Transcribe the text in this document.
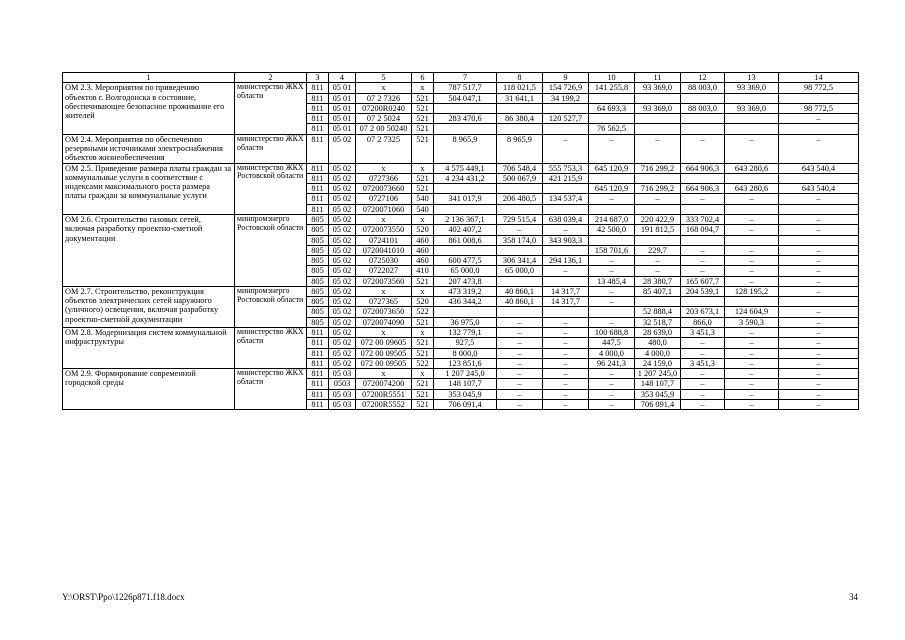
1	2	3	4	5	6	7	8	9	10	11	12	13	14
ОМ 2.3. Мероприятия по приведению объектов г. Волгодонска в состояние, обеспечивающее безопасное проживание его жителей	министерство ЖКХ области	811	05 01	x	x	787 517,7	118 021,5	154 726,9	141 255,8	93 369,0	88 003,0	93 369,0	98 772,5
		811	05 01	07 2 7326	521	504 047,1	31 641,1	34 199,2					
		811	05 01	07200R0240	521				64 693,3	93 369,0	88 003,0	93 369,0	98 772,5
		811	05 01	07 2 5024	521	283 470,6	86 380,4	120 527,7					–
		811	05 01	07 2 00 50240	521				76 562,5				
ОМ 2.4. Мероприятия по обеспечению резервными источниками электроснабжения объектов жизнеобеспечения	министерство ЖКХ области	811	05 02	07 2 7325	521	8 965,9	8 965,9	–	–	–	–	–	–
ОМ 2.5. Приведение размера платы граждан за коммунальные услуги в соответствие с индексами максимального роста размера платы граждан за коммунальные услуги	министерство ЖКХ Ростовской области	811	05 02	x	x	4 575 449,1	706 548,4	555 753,3	645 120,9	716 299,2	664 906,3	643 280,6	643 540,4
		811	05 02	0727366	521	4 234 431,2	500 067,9	421 215,9					
		811	05 02	0720073660	521				645 120,9	716 299,2	664 906,3	643 280,6	643 540,4
		811	05 02	0727106	540	341 017,9	206 480,5	134 537,4	–	–	–	–	–
		811	05 02	0720071060	540								
ОМ 2.6. Строительство газовых сетей, включая разработку проектно-сметной документации	минпромэнерго Ростовской области	805	05 02	x	x	2 136 367,1	729 515,4	638 039,4	214 687,0	220 422,9	333 702,4	–	–
		805	05 02	0720073550	520	402 407,2	–	–	42 500,0	191 812,5	168 094,7	–	–
		805	05 02	0724101	460	861 008,6	358 174,0	343 903,3					
		805	05 02	0720041010	460				158 701,6	229,7	–	–	–
		805	05 02	0725030	460	600 477,5	306 341,4	294 136,1	–	–	–	–	–
		805	05 02	0722027	410	65 000,0	65 000,0	–	–	–	–	–	–
		805	05 02	0720073560	521	207 473,8			13 485,4	28 380,7	165 607,7	–	–
ОМ 2.7. Строительство, реконструкция объектов электрических сетей наружного (уличного) освещения, включая разработку проектно-сметной документации	минпромэнерго Ростовской области	805	05 02	x	x	473 319,2	40 860,1	14 317,7	–	85 407,1	204 539,1	128 195,2	–
		805	05 02	0727365	520	436 344,2	40 860,1	14 317,7	–				
		805	05 02	0720073650	522					52 888,4	203 673,1	124 604,9	–
		805	05 02	0720074090	521	36 975,0	–	–	–	32 518,7	866,0	3 590,3	–
ОМ 2.8. Модернизация систем коммунальной инфраструктуры	министерство ЖКХ области	811	05 02	x	x	132 779,1	–	–	100 688,8	28 639,0	3 451,3	–	–
		811	05 02	072 00 09605	521	927,5	–	–	447,5	480,0	–	–	–
		811	05 02	072 00 09505	521	8 000,0	–	–	4 000,0	4 000,0	–	–	–
		811	05 02	072 00 09505	522	123 851,6	–	–	96 241,3	24 159,0	3 451,3	–	–
ОМ 2.9. Формирование современной городской среды	министерство ЖКХ области	811	05 03	x	x	1 207 245,0	–	–	–	1 207 245,0	–	–	–
		811	0503	0720074200	521	148 107,7	–	–	–	148 107,7	–	–	–
		811	05 03	07200R5551	521	353 045,9	–	–	–	353 045,9	–	–	–
		811	05 03	07200R5552	521	706 091,4	–	–	–	706 091,4	–	–	–
Y:\ORST\Ppo\1226p871.f18.docx	34
